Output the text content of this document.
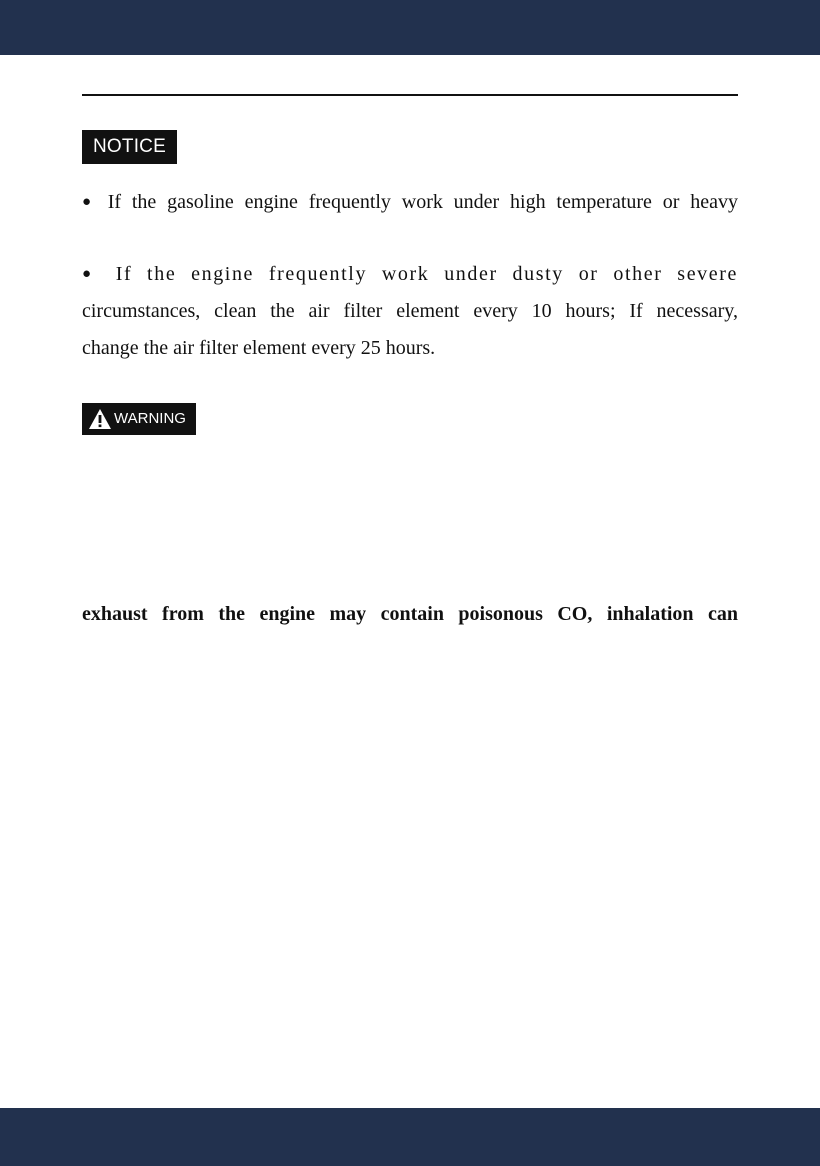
NOTICE
● If the gasoline engine frequently work under high temperature or heavy
● If the engine frequently work under dusty or other severe
circumstances, clean the air filter element every 10 hours; If necessary,
change the air filter element every 25 hours.
WARNING
exhaust from the engine may contain poisonous CO, inhalation can
